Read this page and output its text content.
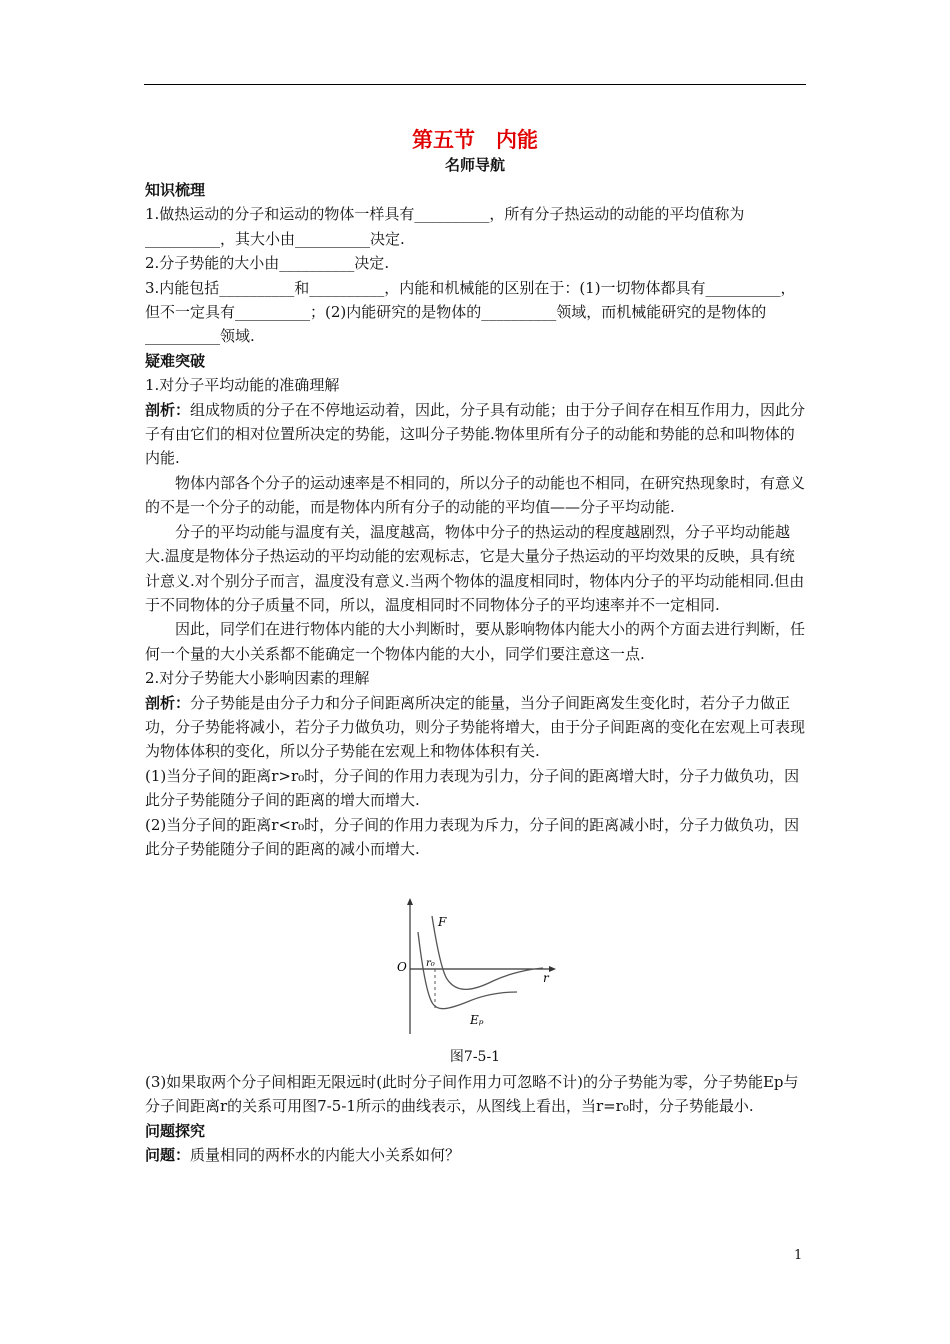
第五节　内能
名师导航

知识梳理

1.做热运动的分子和运动的物体一样具有__________，所有分子热运动的动能的平均值称为__________，其大小由__________决定.

2.分子势能的大小由__________决定.

3.内能包括__________和__________，内能和机械能的区别在于：(1)一切物体都具有__________，但不一定具有__________；(2)内能研究的是物体的__________领域，而机械能研究的是物体的__________领域.

疑难突破

1.对分子平均动能的准确理解

剖析：组成物质的分子在不停地运动着，因此，分子具有动能；由于分子间存在相互作用力，因此分子有由它们的相对位置所决定的势能，这叫分子势能.物体里所有分子的动能和势能的总和叫物体的内能.

物体内部各个分子的运动速率是不相同的，所以分子的动能也不相同，在研究热现象时，有意义的不是一个分子的动能，而是物体内所有分子的动能的平均值——分子平均动能.

分子的平均动能与温度有关，温度越高，物体中分子的热运动的程度越剧烈，分子平均动能越大.温度是物体分子热运动的平均动能的宏观标志，它是大量分子热运动的平均效果的反映，具有统计意义.对个别分子而言，温度没有意义.当两个物体的温度相同时，物体内分子的平均动能相同.但由于不同物体的分子质量不同，所以，温度相同时不同物体分子的平均速率并不一定相同.

因此，同学们在进行物体内能的大小判断时，要从影响物体内能大小的两个方面去进行判断，任何一个量的大小关系都不能确定一个物体内能的大小，同学们要注意这一点.

2.对分子势能大小影响因素的理解

剖析：分子势能是由分子力和分子间距离所决定的能量，当分子间距离发生变化时，若分子力做正功，分子势能将减小，若分子力做负功，则分子势能将增大，由于分子间距离的变化在宏观上可表现为物体体积的变化，所以分子势能在宏观上和物体体积有关.

(1)当分子间的距离r>r₀时，分子间的作用力表现为引力，分子间的距离增大时，分子力做负功，因此分子势能随分子间的距离的增大而增大.

(2)当分子间的距离r<r₀时，分子间的作用力表现为斥力，分子间的距离减小时，分子力做负功，因此分子势能随分子间的距离的减小而增大.

F
O r₀
r
Eₚ
图7-5-1

(3)如果取两个分子间相距无限远时(此时分子间作用力可忽略不计)的分子势能为零，分子势能Ep与分子间距离r的关系可用图7-5-1所示的曲线表示，从图线上看出，当r=r₀时，分子势能最小.

问题探究

问题：质量相同的两杯水的内能大小关系如何？

1
